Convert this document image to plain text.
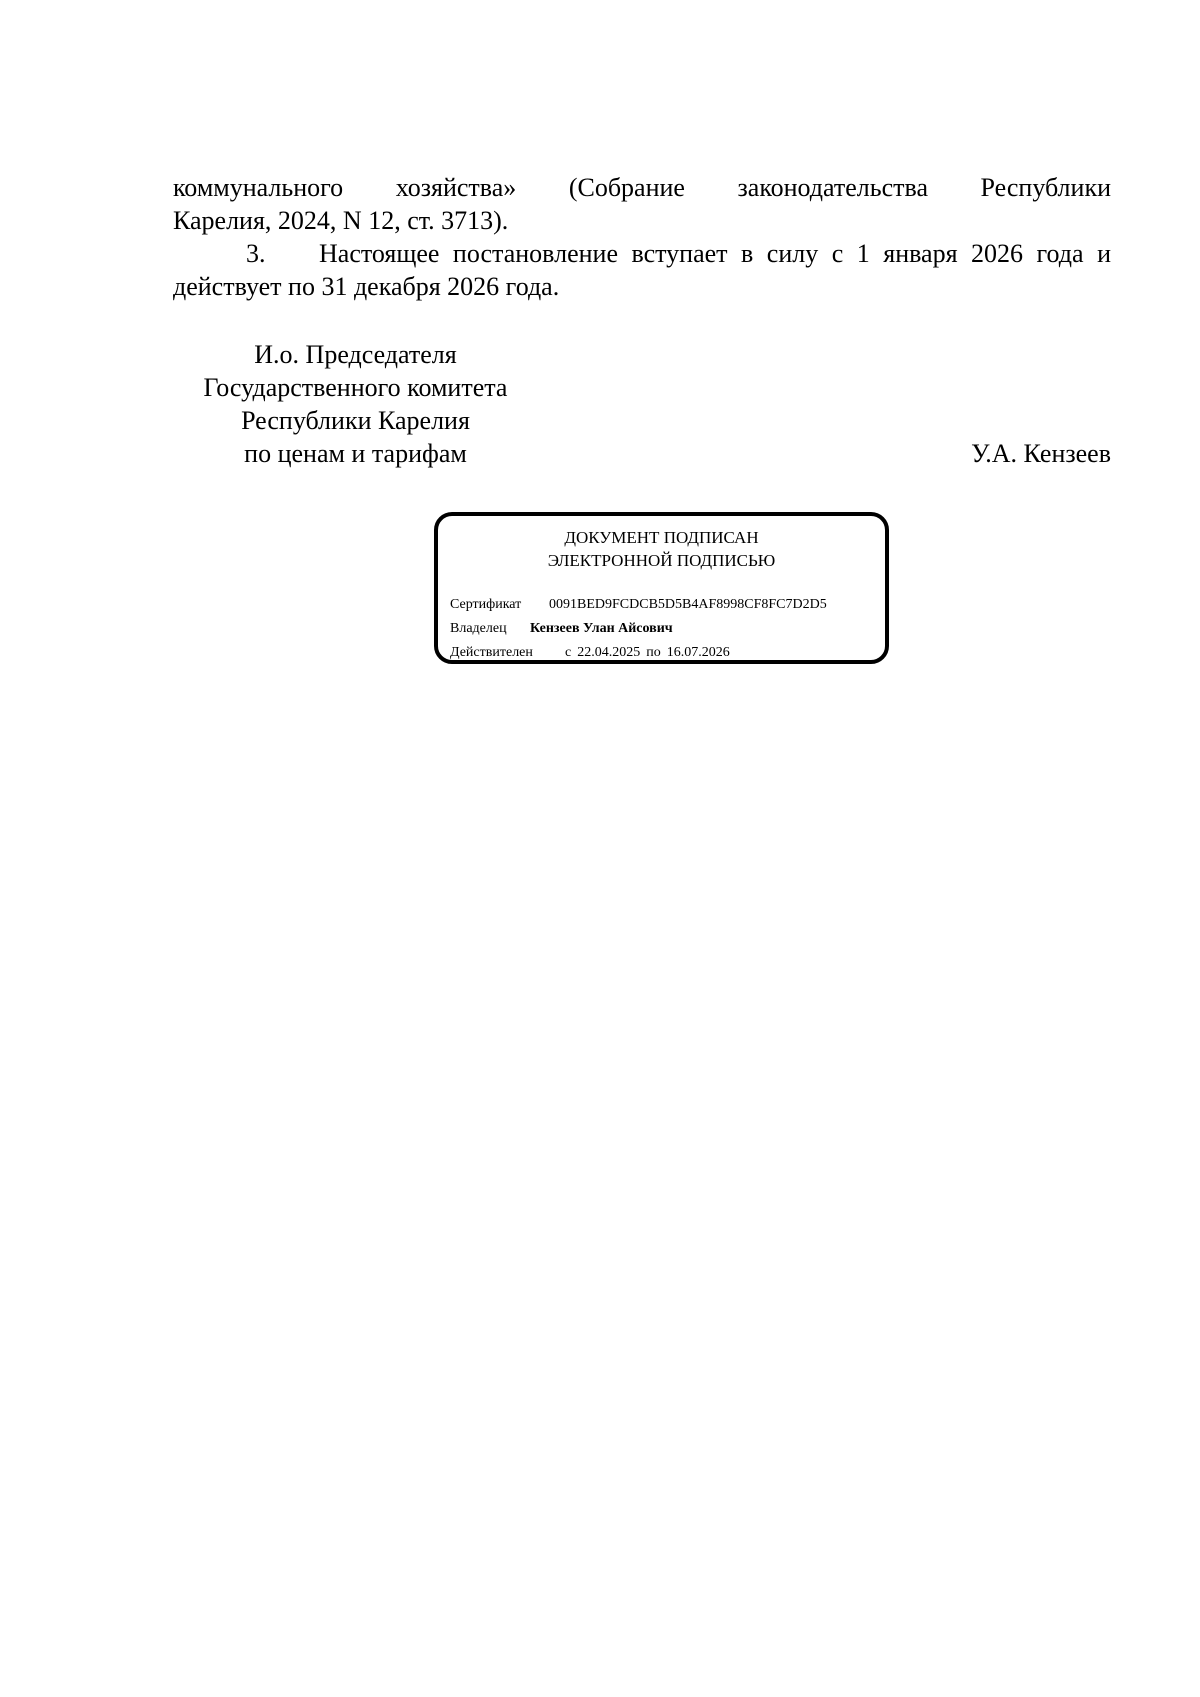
коммунального хозяйства» (Собрание законодательства Республики
Карелия, 2024, N 12, ст. 3713).

3. Настоящее постановление вступает в силу с 1 января 2026 года и
действует по 31 декабря 2026 года.

И.о. Председателя
Государственного комитета
Республики Карелия
по ценам и тарифам	У.А. Кензеев
ДОКУМЕНТ ПОДПИСАН
ЭЛЕКТРОННОЙ ПОДПИСЬЮ
Сертификат 0091BED9FCDCB5D5B4AF8998CF8FC7D2D5
Владелец Кензеев Улан Айсович
Действителен с 22.04.2025 по 16.07.2026
